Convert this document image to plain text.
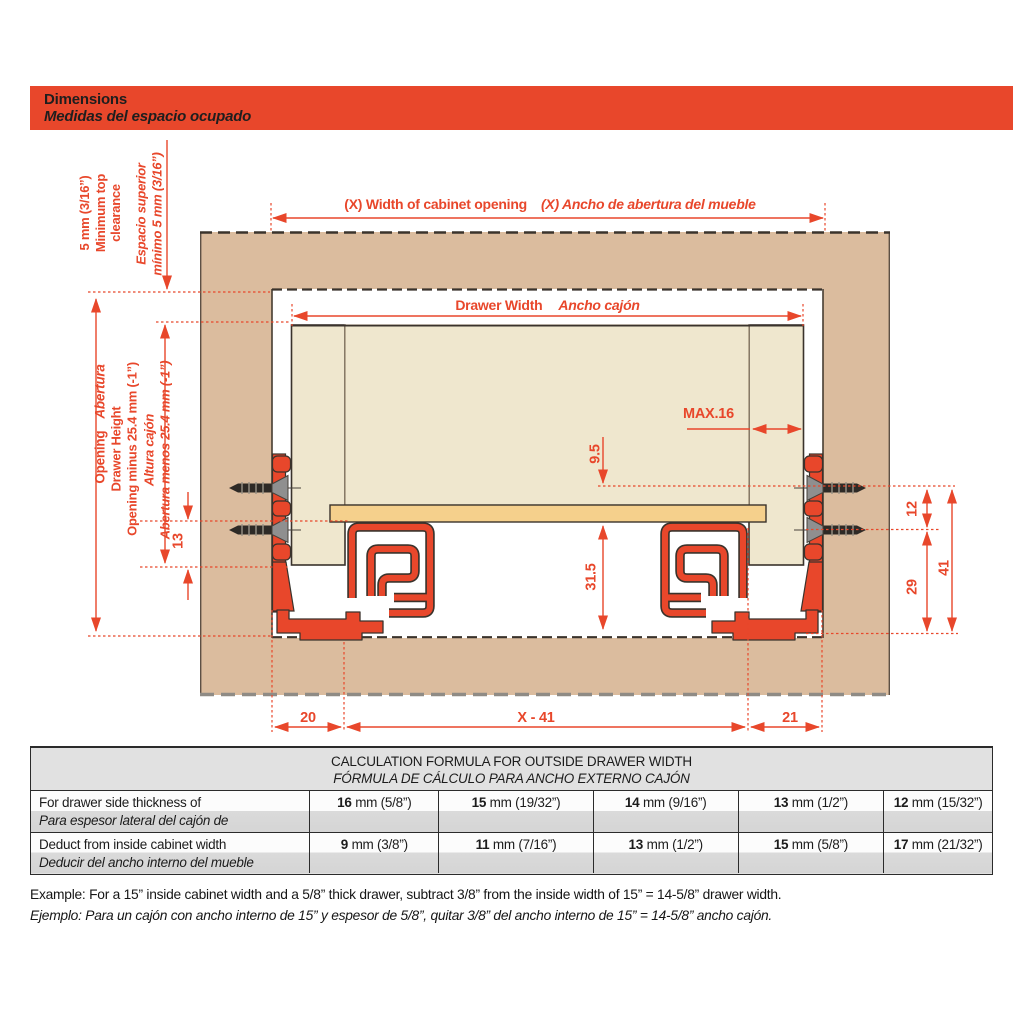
Dimensions
Medidas del espacio ocupado
5 mm (3/16”)
Minimum top
clearance Espacio superior
mínimo 5 mm (3/16”)
OpeningAbertura
Drawer Height
Opening minus 25.4 mm (-1”)
Altura cajón
Abertura menos 25.4 mm (-1”)
13
(X) Width of cabinet opening (X) Ancho de abertura del mueble
Drawer Width Ancho cajón
MAX.16
9.5
31.5
12
29
41
20	X - 41	21
CALCULATION FORMULA FOR OUTSIDE DRAWER WIDTH
FÓRMULA DE CÁLCULO PARA ANCHO EXTERNO CAJÓN
For drawer side thickness of
Para espesor lateral del cajón de
16 mm (5/8”)	15 mm (19/32”)	14 mm (9/16”)	13 mm (1/2”)	12 mm (15/32”)
Deduct from inside cabinet width
Deducir del ancho interno del mueble
9 mm (3/8”)	11 mm (7/16”)	13 mm (1/2”)	15 mm (5/8”)	17 mm (21/32”)
Example: For a 15” inside cabinet width and a 5/8” thick drawer, subtract 3/8” from the inside width of 15” = 14-5/8” drawer width.
Ejemplo: Para un cajón con ancho interno de 15” y espesor de 5/8”, quitar 3/8” del ancho interno de 15” = 14-5/8” ancho cajón.
